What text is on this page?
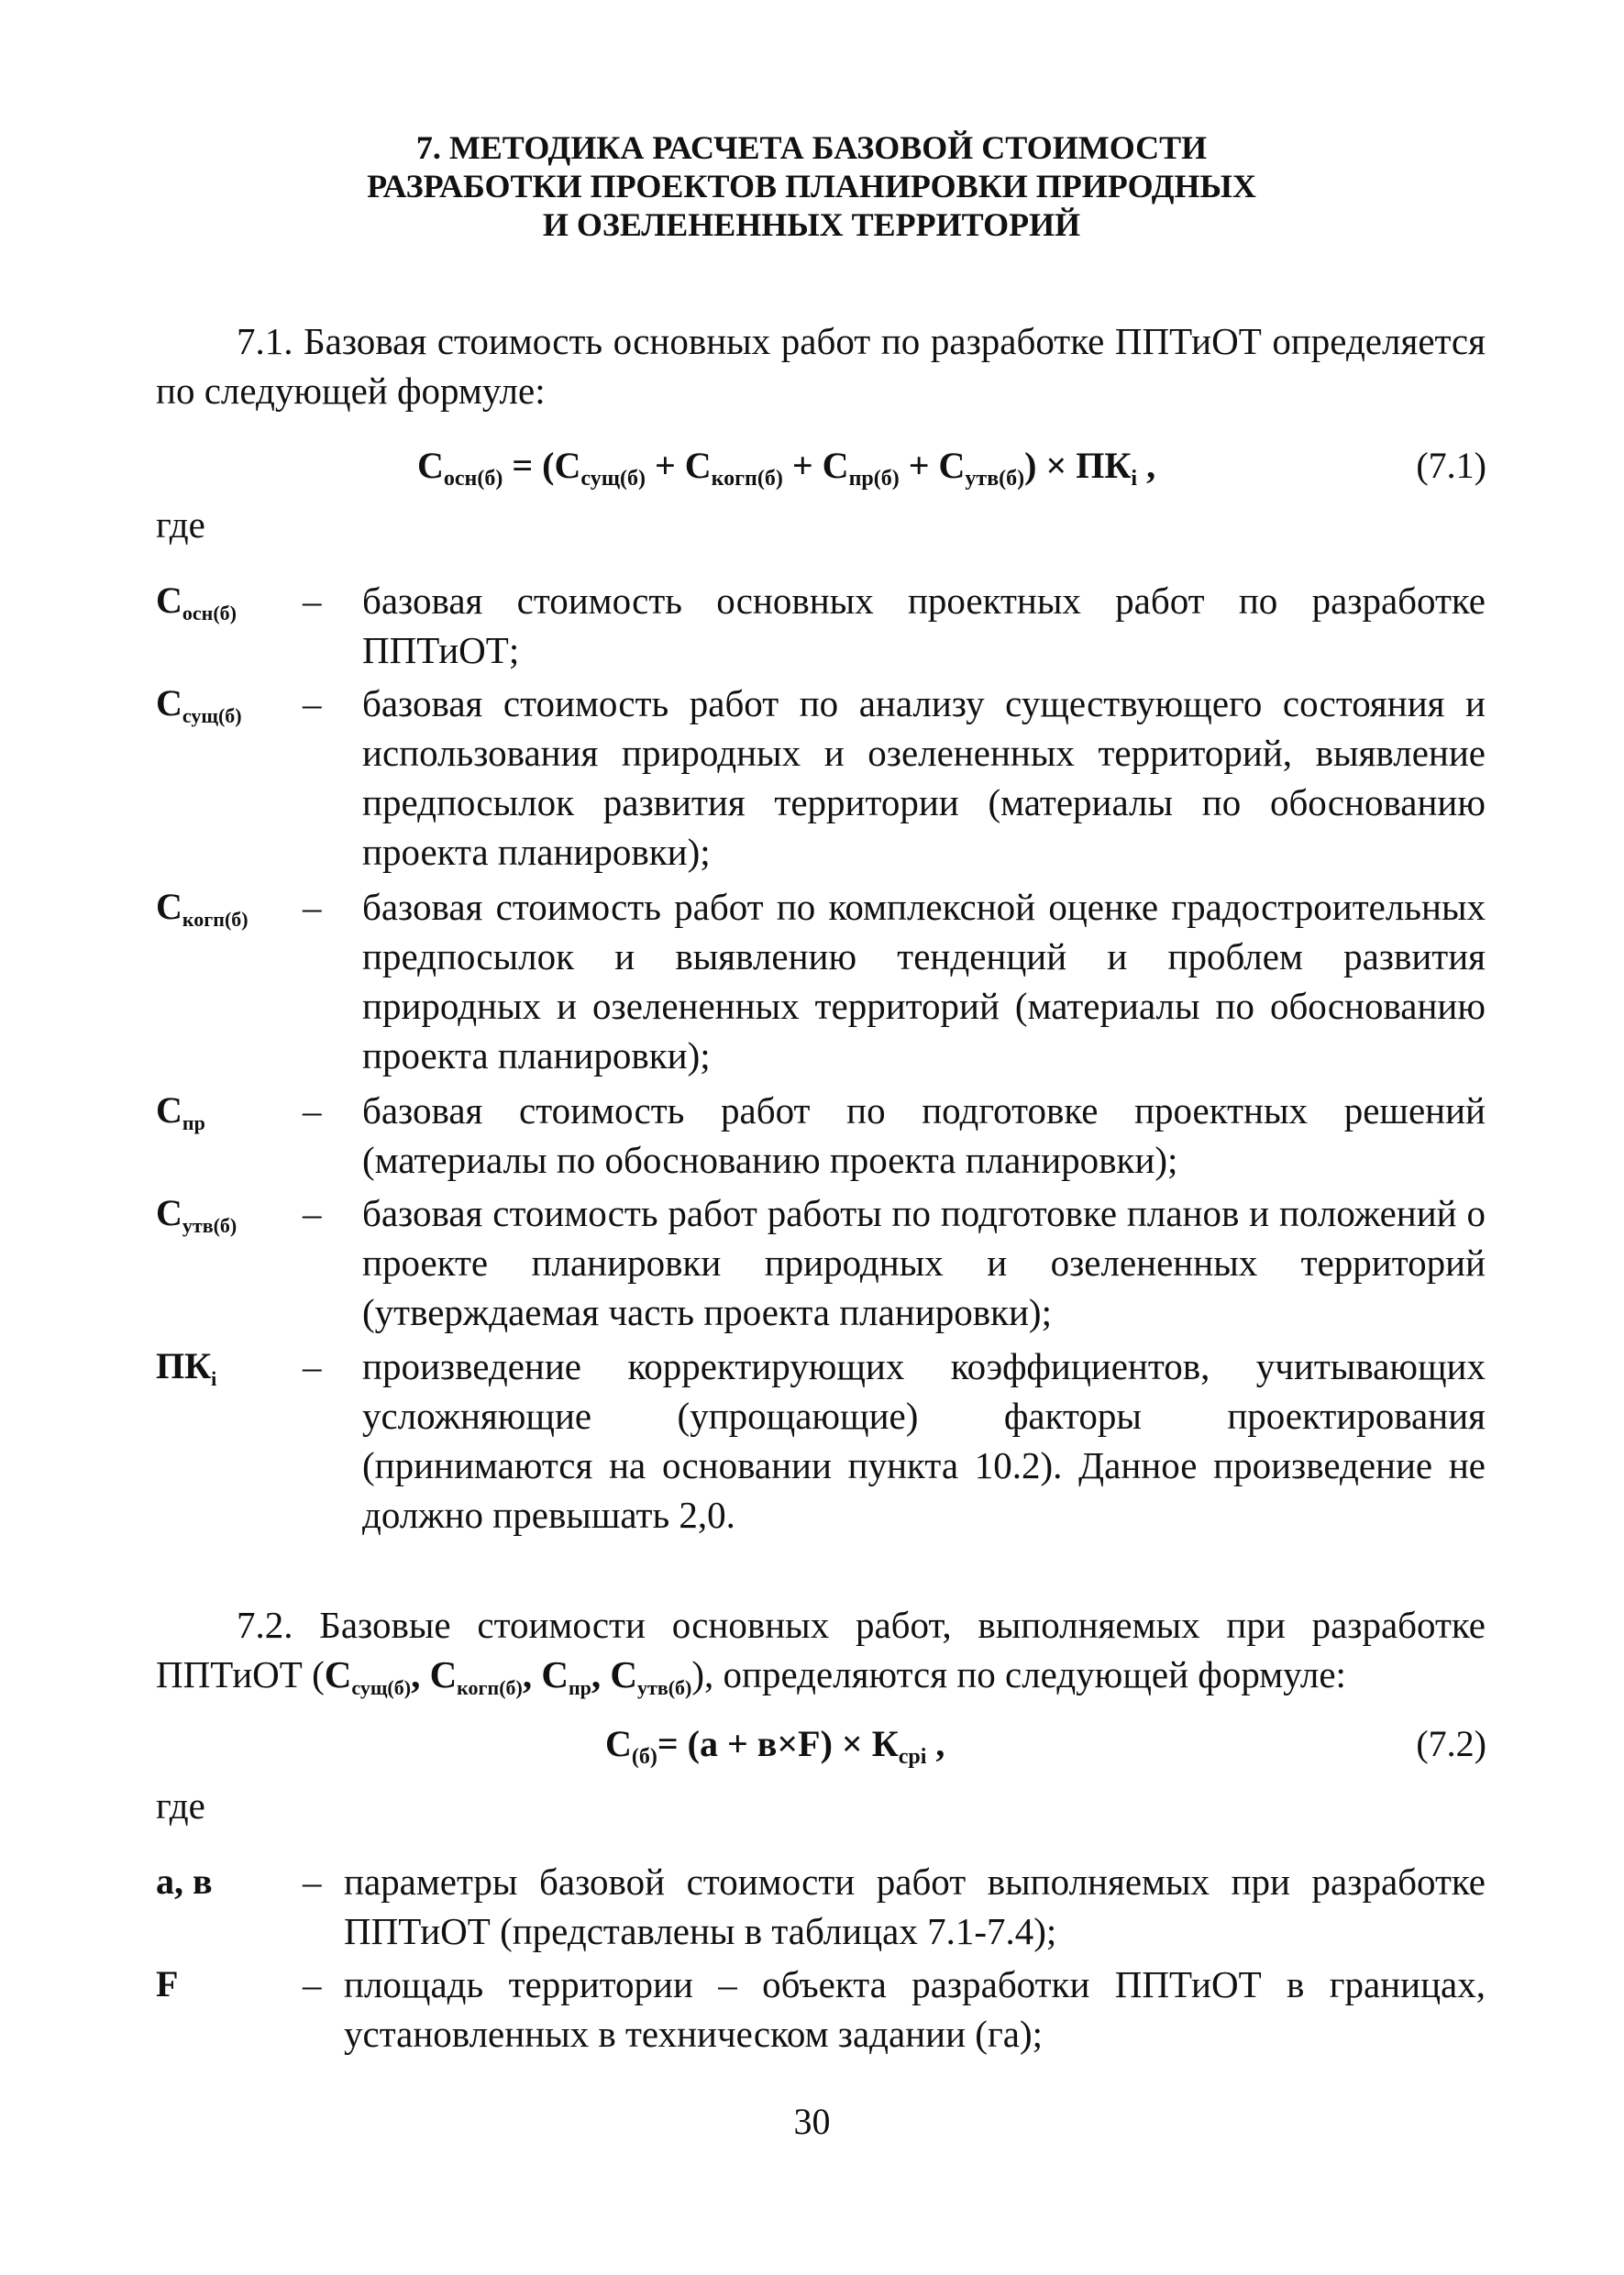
7. МЕТОДИКА РАСЧЕТА БАЗОВОЙ СТОИМОСТИ
РАЗРАБОТКИ ПРОЕКТОВ ПЛАНИРОВКИ ПРИРОДНЫХ
И ОЗЕЛЕНЕННЫХ ТЕРРИТОРИЙ
7.1. Базовая стоимость основных работ по разработке ППТиОТ определяется по следующей формуле:
$C_{осн(б)} = (C_{сущ(б)} + C_{когп(б)} + C_{пр(б)} + C_{утв(б)}) \times ПК_i$ ,	(7.1)
где
$C_{осн(б)}$ – базовая стоимость основных проектных работ по разработке ППТиОТ;
$C_{сущ(б)}$ – базовая стоимость работ по анализу существующего состояния и использования природных и озелененных территорий, выявление предпосылок развития территории (материалы по обоснованию проекта планировки);
$C_{когп(б)}$ – базовая стоимость работ по комплексной оценке градостроительных предпосылок и выявлению тенденций и проблем развития природных и озелененных территорий (материалы по обоснованию проекта планировки);
$C_{пр}$	– базовая стоимость работ по подготовке проектных решений (материалы по обоснованию проекта планировки);
$C_{утв(б)}$ – базовая стоимость работ работы по подготовке планов и положений о проекте планировки природных и озелененных территорий (утверждаемая часть проекта планировки);
$ПК_i$ – произведение корректирующих коэффициентов, учитывающих усложняющие (упрощающие) факторы проектирования (принимаются на основании пункта 10.2). Данное произведение не должно превышать 2,0.
7.2. Базовые стоимости основных работ, выполняемых при разработке ППТиОТ ($C_{сущ(б)}$, $C_{когп(б)}$, $C_{пр}$, $C_{утв(б)}$), определяются по следующей формуле:
$C_{(б)}= (а + в\times F) \times К_{срi}$ ,	(7.2)
где
а, в – параметры базовой стоимости работ выполняемых при разработке ППТиОТ (представлены в таблицах 7.1-7.4);
F	– площадь территории – объекта разработки ППТиОТ в границах, установленных в техническом задании (га);
30
